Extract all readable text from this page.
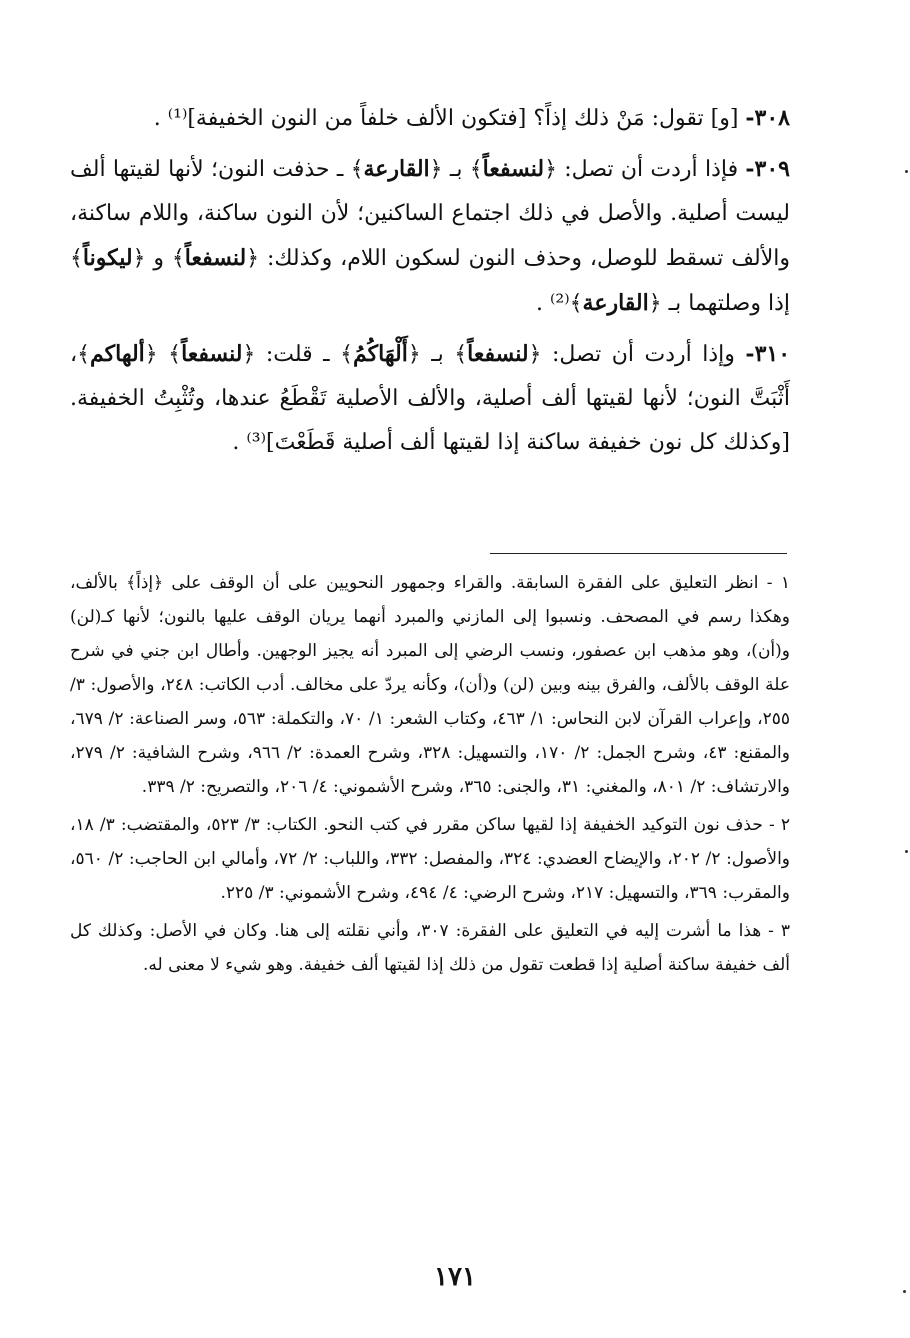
٣٠٨- [و] تقول: مَنْ ذلك إذاً؟ [فتكون الألف خلفاً من النون الخفيفة]⁽¹⁾ .

٣٠٩- فإذا أردت أن تصل: ﴿لنسفعاً﴾ بـ ﴿القارعة﴾ ـ حذفت النون؛ لأنها لقيتها ألف ليست أصلية. والأصل في ذلك اجتماع الساكنين؛ لأن النون ساكنة، واللام ساكنة، والألف تسقط للوصل، وحذف النون لسكون اللام، وكذلك: ﴿لنسفعاً﴾ و ﴿ليكوناً﴾ إذا وصلتهما بـ ﴿القارعة﴾⁽²⁾ .

٣١٠- وإذا أردت أن تصل: ﴿لنسفعاً﴾ بـ ﴿أَلْهَاكُمُ﴾ ـ قلت: ﴿لنسفعاً﴾ ﴿ألهاكم﴾، أَثْبَتَّ النون؛ لأنها لقيتها ألف أصلية، والألف الأصلية تَقْطَعُ عندها، وتُثْبِتُ الخفيفة. [وكذلك كل نون خفيفة ساكنة إذا لقيتها ألف أصلية قَطَعْتَ]⁽³⁾ .

١ - انظر التعليق على الفقرة السابقة. والقراء وجمهور النحويين على أن الوقف على ﴿إذاً﴾ بالألف، وهكذا رسم في المصحف. ونسبوا إلى المازني والمبرد أنهما يريان الوقف عليها بالنون؛ لأنها كـ(لن) و(أن)، وهو مذهب ابن عصفور، ونسب الرضي إلى المبرد أنه يجيز الوجهين. وأطال ابن جني في شرح علة الوقف بالألف، والفرق بينه وبين (لن) و(أن)، وكأنه يردّ على مخالف. أدب الكاتب: ٢٤٨، والأصول: ٣/ ٢٥٥، وإعراب القرآن لابن النحاس: ١/ ٤٦٣، وكتاب الشعر: ١/ ٧٠، والتكملة: ٥٦٣، وسر الصناعة: ٢/ ٦٧٩، والمقنع: ٤٣، وشرح الجمل: ٢/ ١٧٠، والتسهيل: ٣٢٨، وشرح العمدة: ٢/ ٩٦٦، وشرح الشافية: ٢/ ٢٧٩، والارتشاف: ٢/ ٨٠١، والمغني: ٣١، والجنى: ٣٦٥، وشرح الأشموني: ٤/ ٢٠٦، والتصريح: ٢/ ٣٣٩.

٢ - حذف نون التوكيد الخفيفة إذا لقيها ساكن مقرر في كتب النحو. الكتاب: ٣/ ٥٢٣، والمقتضب: ٣/ ١٨، والأصول: ٢/ ٢٠٢، والإيضاح العضدي: ٣٢٤، والمفصل: ٣٣٢، واللباب: ٢/ ٧٢، وأمالي ابن الحاجب: ٢/ ٥٦٠، والمقرب: ٣٦٩، والتسهيل: ٢١٧، وشرح الرضي: ٤/ ٤٩٤، وشرح الأشموني: ٣/ ٢٢٥.

٣ - هذا ما أشرت إليه في التعليق على الفقرة: ٣٠٧، وأني نقلته إلى هنا. وكان في الأصل: وكذلك كل ألف خفيفة ساكنة أصلية إذا قطعت تقول من ذلك إذا لقيتها ألف خفيفة. وهو شيء لا معنى له.

١٧١
